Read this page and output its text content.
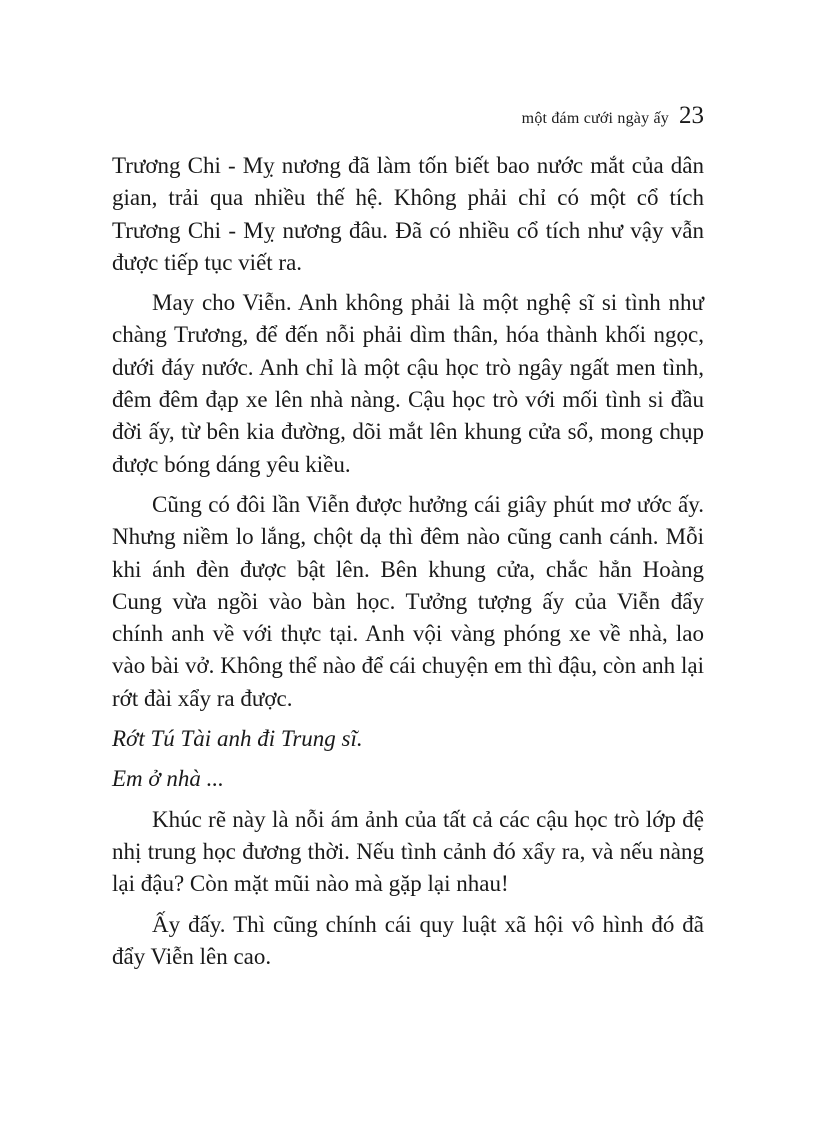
một đám cưới ngày ấy 23

Trương Chi - Mỵ nương đã làm tốn biết bao nước mắt của dân gian, trải qua nhiều thế hệ. Không phải chỉ có một cổ tích Trương Chi - Mỵ nương đâu. Đã có nhiều cổ tích như vậy vẫn được tiếp tục viết ra.

May cho Viễn. Anh không phải là một nghệ sĩ si tình như chàng Trương, để đến nỗi phải dìm thân, hóa thành khối ngọc, dưới đáy nước. Anh chỉ là một cậu học trò ngây ngất men tình, đêm đêm đạp xe lên nhà nàng. Cậu học trò với mối tình si đầu đời ấy, từ bên kia đường, dõi mắt lên khung cửa sổ, mong chụp được bóng dáng yêu kiều.

Cũng có đôi lần Viễn được hưởng cái giây phút mơ ước ấy. Nhưng niềm lo lắng, chột dạ thì đêm nào cũng canh cánh. Mỗi khi ánh đèn được bật lên. Bên khung cửa, chắc hẳn Hoàng Cung vừa ngồi vào bàn học. Tưởng tượng ấy của Viễn đẩy chính anh về với thực tại. Anh vội vàng phóng xe về nhà, lao vào bài vở. Không thể nào để cái chuyện em thì đậu, còn anh lại rớt đài xẩy ra được.

Rớt Tú Tài anh đi Trung sĩ.

Em ở nhà ...

Khúc rẽ này là nỗi ám ảnh của tất cả các cậu học trò lớp đệ nhị trung học đương thời. Nếu tình cảnh đó xẩy ra, và nếu nàng lại đậu? Còn mặt mũi nào mà gặp lại nhau!

Ấy đấy. Thì cũng chính cái quy luật xã hội vô hình đó đã đẩy Viễn lên cao.
